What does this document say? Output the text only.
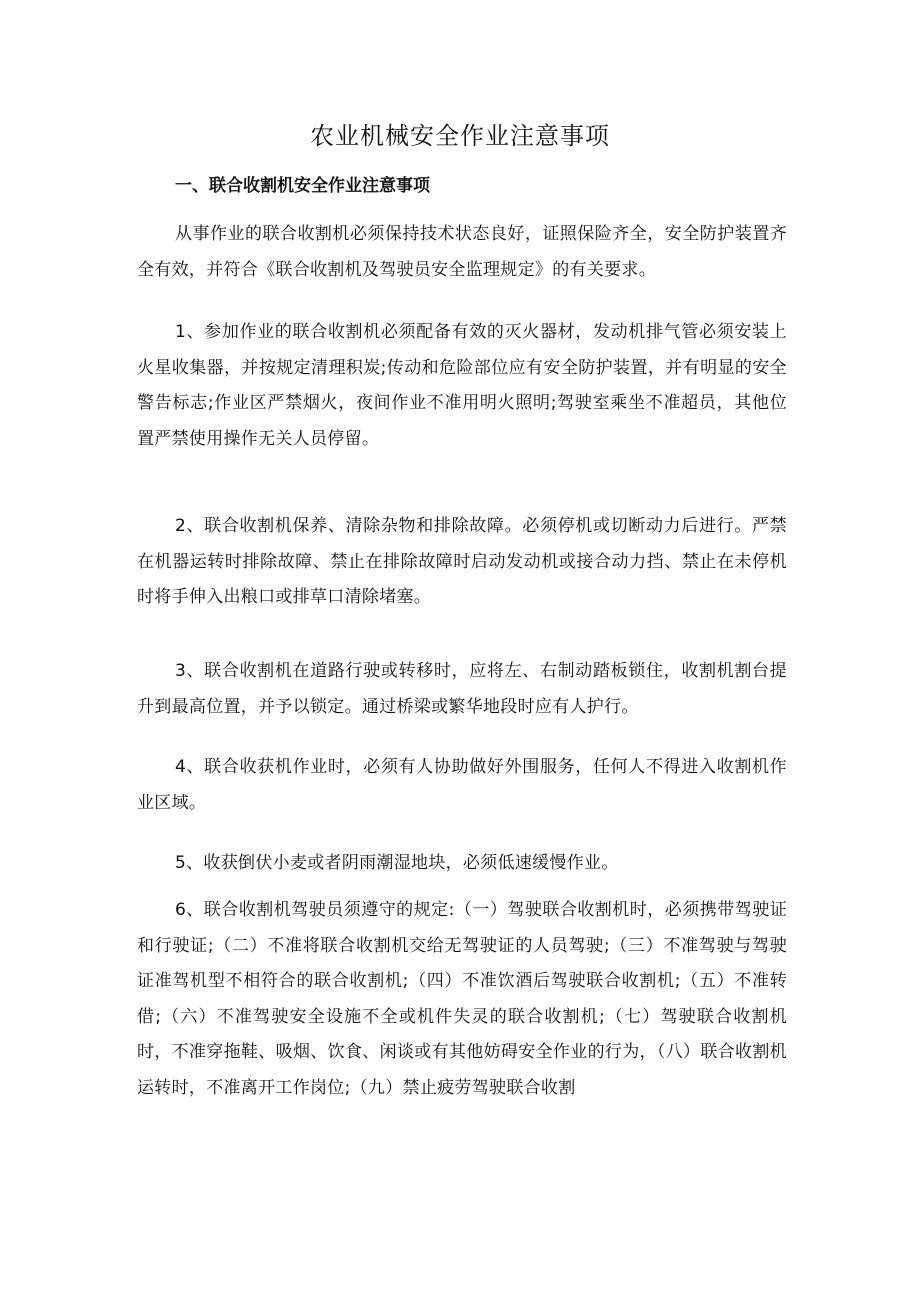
农业机械安全作业注意事项
一、联合收割机安全作业注意事项

从事作业的联合收割机必须保持技术状态良好，证照保险齐全，安全防护装置齐全有效，并符合《联合收割机及驾驶员安全监理规定》的有关要求。

1、参加作业的联合收割机必须配备有效的灭火器材，发动机排气管必须安装上火星收集器，并按规定清理积炭;传动和危险部位应有安全防护装置，并有明显的安全警告标志;作业区严禁烟火，夜间作业不准用明火照明;驾驶室乘坐不准超员，其他位置严禁使用操作无关人员停留。

2、联合收割机保养、清除杂物和排除故障。必须停机或切断动力后进行。严禁在机器运转时排除故障、禁止在排除故障时启动发动机或接合动力挡、禁止在未停机时将手伸入出粮口或排草口清除堵塞。

3、联合收割机在道路行驶或转移时，应将左、右制动踏板锁住，收割机割台提升到最高位置，并予以锁定。通过桥梁或繁华地段时应有人护行。

4、联合收获机作业时，必须有人协助做好外围服务，任何人不得进入收割机作业区域。

5、收获倒伏小麦或者阴雨潮湿地块，必须低速缓慢作业。

6、联合收割机驾驶员须遵守的规定:（一）驾驶联合收割机时，必须携带驾驶证和行驶证;（二）不准将联合收割机交给无驾驶证的人员驾驶;（三）不准驾驶与驾驶证准驾机型不相符合的联合收割机;（四）不准饮酒后驾驶联合收割机;（五）不准转借;（六）不准驾驶安全设施不全或机件失灵的联合收割机;（七）驾驶联合收割机时，不准穿拖鞋、吸烟、饮食、闲谈或有其他妨碍安全作业的行为，（八）联合收割机运转时，不准离开工作岗位;（九）禁止疲劳驾驶联合收割
